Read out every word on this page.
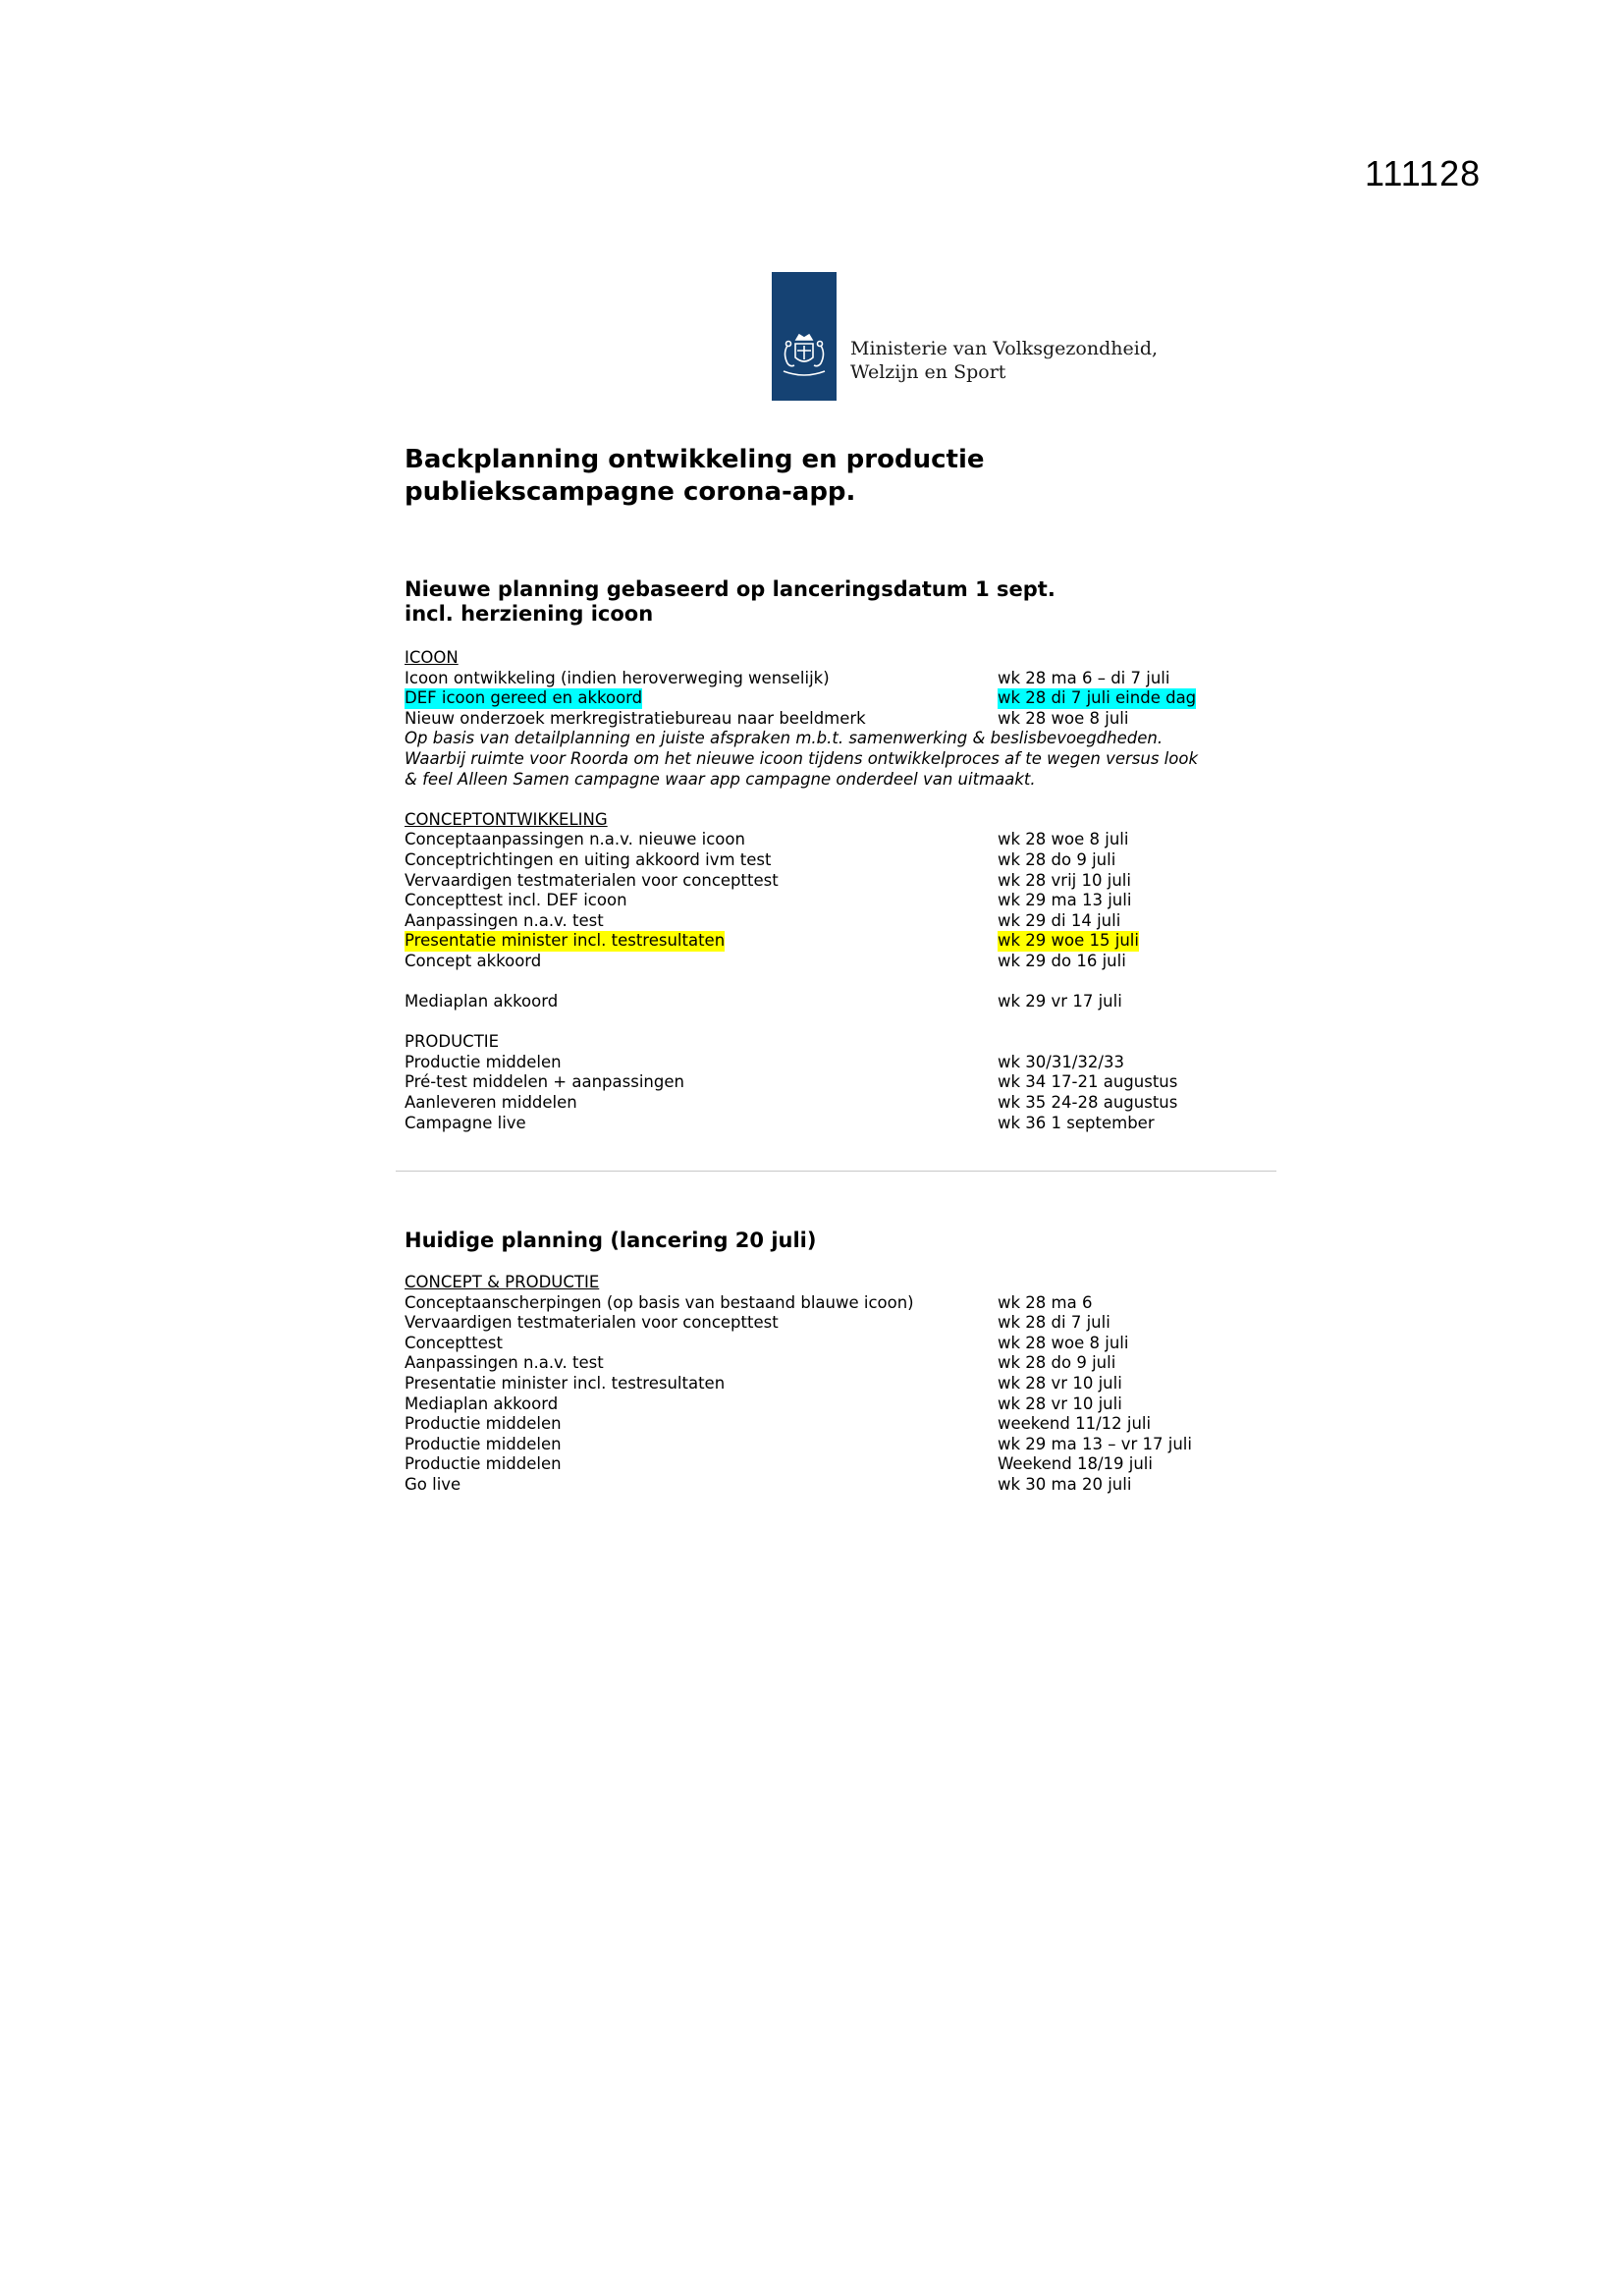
111128
Ministerie van Volksgezondheid,
Welzijn en Sport
Backplanning ontwikkeling en productie
publiekscampagne corona-app.
Nieuwe planning gebaseerd op lanceringsdatum 1 sept.
incl. herziening icoon
ICOON
Icoon ontwikkeling (indien heroverweging wenselijk)	wk 28 ma 6 – di 7 juli
DEF icoon gereed en akkoord	wk 28 di 7 juli einde dag
Nieuw onderzoek merkregistratiebureau naar beeldmerk	wk 28 woe 8 juli
Op basis van detailplanning en juiste afspraken m.b.t. samenwerking & beslisbevoegdheden.
Waarbij ruimte voor Roorda om het nieuwe icoon tijdens ontwikkelproces af te wegen versus look
& feel Alleen Samen campagne waar app campagne onderdeel van uitmaakt.
CONCEPTONTWIKKELING
Conceptaanpassingen n.a.v. nieuwe icoon	wk 28 woe 8 juli
Conceptrichtingen en uiting akkoord ivm test	wk 28 do 9 juli
Vervaardigen testmaterialen voor concepttest	wk 28 vrij 10 juli
Concepttest incl. DEF icoon	wk 29 ma 13 juli
Aanpassingen n.a.v. test	wk 29 di 14 juli
Presentatie minister incl. testresultaten	wk 29 woe 15 juli
Concept akkoord	wk 29 do 16 juli
Mediaplan akkoord	wk 29 vr 17 juli
PRODUCTIE
Productie middelen	wk 30/31/32/33
Pré-test middelen + aanpassingen	wk 34 17-21 augustus
Aanleveren middelen	wk 35 24-28 augustus
Campagne live	wk 36 1 september
Huidige planning (lancering 20 juli)
CONCEPT & PRODUCTIE
Conceptaanscherpingen (op basis van bestaand blauwe icoon)	wk 28 ma 6
Vervaardigen testmaterialen voor concepttest	wk 28 di 7 juli
Concepttest	wk 28 woe 8 juli
Aanpassingen n.a.v. test	wk 28 do 9 juli
Presentatie minister incl. testresultaten	wk 28 vr 10 juli
Mediaplan akkoord	wk 28 vr 10 juli
Productie middelen	weekend 11/12 juli
Productie middelen	wk 29 ma 13 – vr 17 juli
Productie middelen	Weekend 18/19 juli
Go live	wk 30 ma 20 juli
